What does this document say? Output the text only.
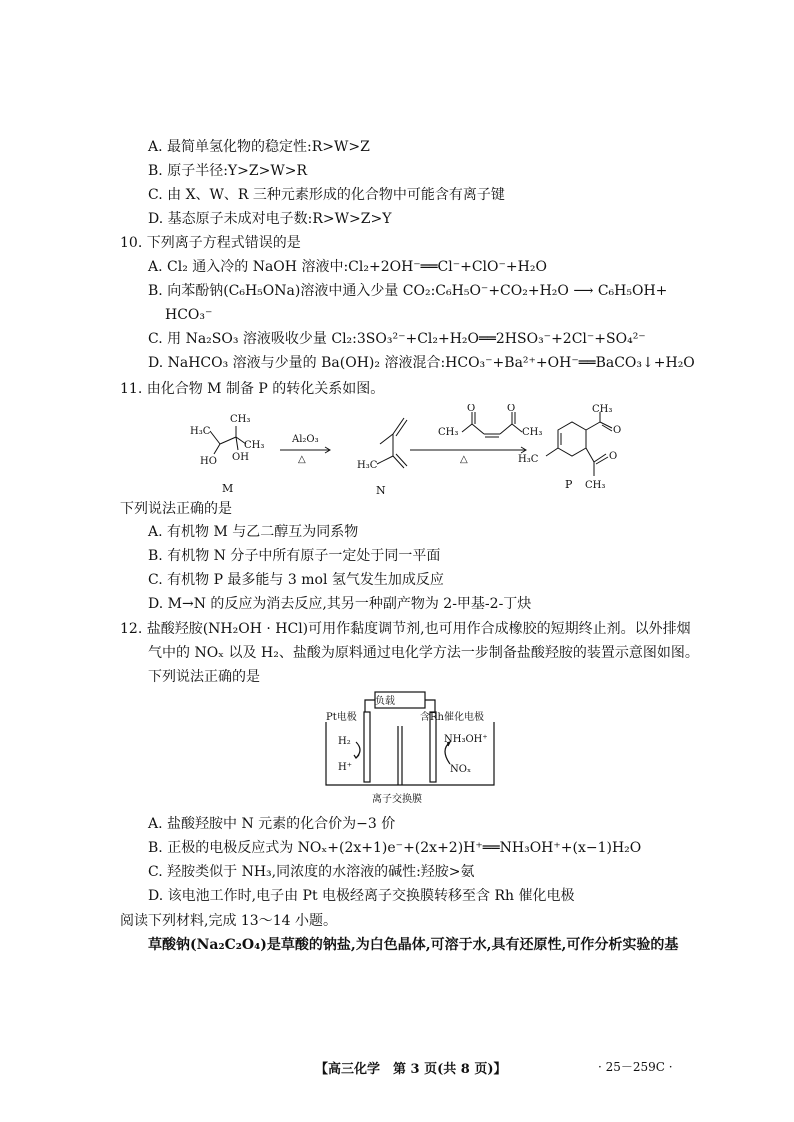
A. 最简单氢化物的稳定性:R>W>Z
B. 原子半径:Y>Z>W>R
C. 由 X、W、R 三种元素形成的化合物中可能含有离子键
D. 基态原子未成对电子数:R>W>Z>Y
10. 下列离子方程式错误的是
A. Cl₂ 通入冷的 NaOH 溶液中:Cl₂+2OH⁻══Cl⁻+ClO⁻+H₂O
B. 向苯酚钠(C₆H₅ONa)溶液中通入少量 CO₂:C₆H₅O⁻+CO₂+H₂O ⟶ C₆H₅OH+
HCO₃⁻
C. 用 Na₂SO₃ 溶液吸收少量 Cl₂:3SO₃²⁻+Cl₂+H₂O══2HSO₃⁻+2Cl⁻+SO₄²⁻
D. NaHCO₃ 溶液与少量的 Ba(OH)₂ 溶液混合:HCO₃⁻+Ba²⁺+OH⁻══BaCO₃↓+H₂O
11. 由化合物 M 制备 P 的转化关系如图。
H₃C
CH₃
CH₃
HO OH
Al₂O₃
△
H₃C
O	O
CH₃	CH₃
△
CH₃
O
O
CH₃
H₃C
M	N	P
下列说法正确的是
A. 有机物 M 与乙二醇互为同系物
B. 有机物 N 分子中所有原子一定处于同一平面
C. 有机物 P 最多能与 3 mol 氢气发生加成反应
D. M→N 的反应为消去反应,其另一种副产物为 2-甲基-2-丁炔
12. 盐酸羟胺(NH₂OH · HCl)可用作黏度调节剂,也可用作合成橡胶的短期终止剂。以外排烟
气中的 NOₓ 以及 H₂、盐酸为原料通过电化学方法一步制备盐酸羟胺的装置示意图如图。
下列说法正确的是
负载
Pt电极	含Rh催化电极
H₂
H⁺
NH₃OH⁺
NOₓ
离子交换膜
A. 盐酸羟胺中 N 元素的化合价为−3 价
B. 正极的电极反应式为 NOₓ+(2x+1)e⁻+(2x+2)H⁺══NH₃OH⁺+(x−1)H₂O
C. 羟胺类似于 NH₃,同浓度的水溶液的碱性:羟胺>氨
D. 该电池工作时,电子由 Pt 电极经离子交换膜转移至含 Rh 催化电极
阅读下列材料,完成 13～14 小题。
草酸钠(Na₂C₂O₄)是草酸的钠盐,为白色晶体,可溶于水,具有还原性,可作分析实验的基
【高三化学　第 3 页(共 8 页)】	· 25－259C ·
